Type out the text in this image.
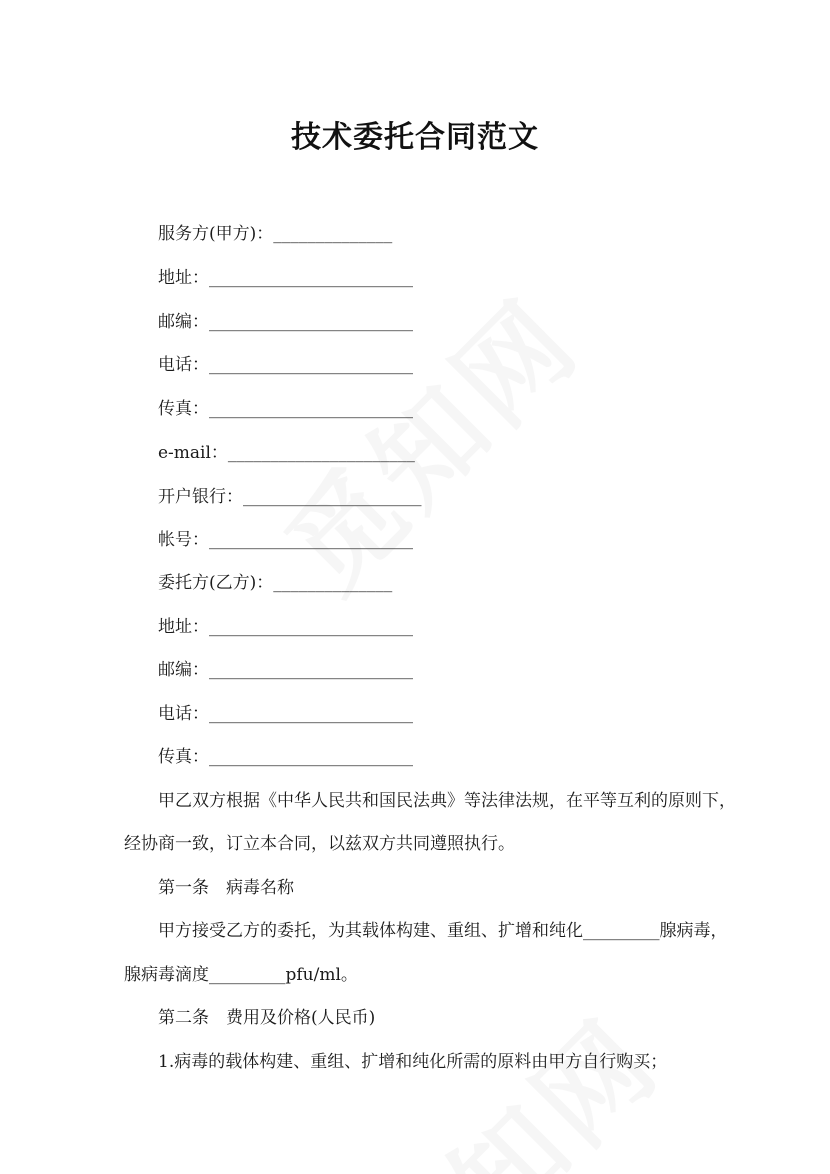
技术委托合同范文
服务方(甲方)：______________
地址：________________________
邮编：________________________
电话：________________________
传真：________________________
e-mail：______________________
开户银行：_____________________
帐号：________________________
委托方(乙方)：______________
地址：________________________
邮编：________________________
电话：________________________
传真：________________________
甲乙双方根据《中华人民共和国民法典》等法律法规，在平等互利的原则下，
经协商一致，订立本合同，以兹双方共同遵照执行。
第一条　病毒名称
甲方接受乙方的委托，为其载体构建、重组、扩增和纯化_________腺病毒，
腺病毒滴度_________pfu/ml。
第二条　费用及价格(人民币)
1.病毒的载体构建、重组、扩增和纯化所需的原料由甲方自行购买；
